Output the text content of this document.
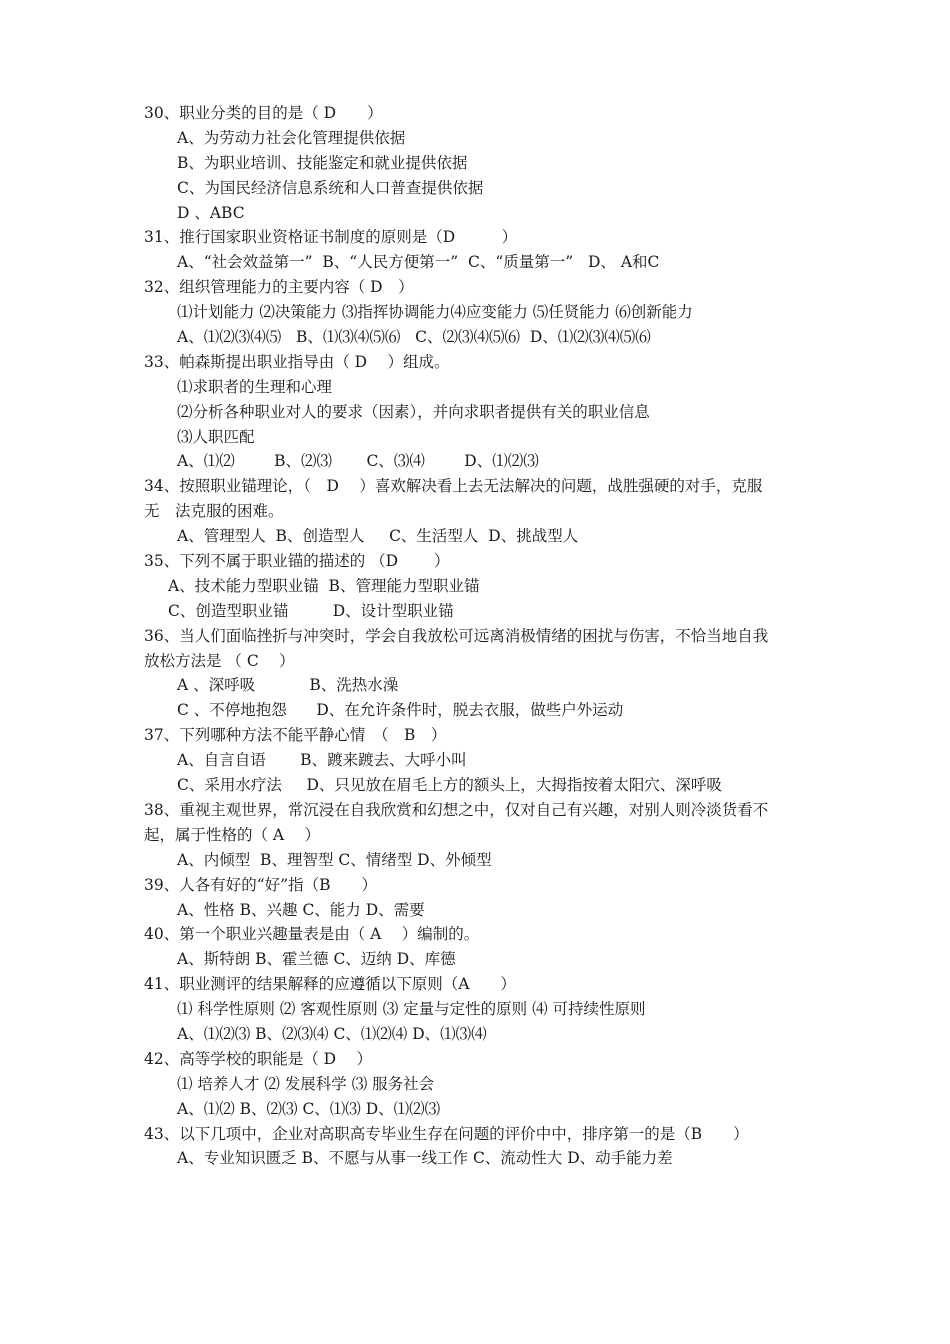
30、职业分类的目的是（ D　　）
A、为劳动力社会化管理提供依据
B、为职业培训、技能鉴定和就业提供依据
C、为国民经济信息系统和人口普查提供依据
D 、ABC
31、推行国家职业资格证书制度的原则是（D　　　）
A、“社会效益第一”  B、“人民方便第一”  C、“质量第一”   D、 A和C
32、组织管理能力的主要内容（ D　）
⑴计划能力 ⑵决策能力 ⑶指挥协调能力⑷应变能力 ⑸任贤能力 ⑹创新能力
A、⑴⑵⑶⑷⑸   B、⑴⑶⑷⑸⑹   C、⑵⑶⑷⑸⑹  D、⑴⑵⑶⑷⑸⑹
33、帕森斯提出职业指导由（ D　 ）组成。
⑴求职者的生理和心理
⑵分析各种职业对人的要求（因素），并向求职者提供有关的职业信息
⑶人职匹配
A、⑴⑵        B、⑵⑶       C、⑶⑷        D、⑴⑵⑶
34、按照职业锚理论，（　D　 ）喜欢解决看上去无法解决的问题，战胜强硬的对手，克服
无　法克服的困难。
A、管理型人  B、创造型人     C、生活型人  D、挑战型人
35、下列不属于职业锚的描述的 （D　　 ）
A、技术能力型职业锚  B、管理能力型职业锚
C、创造型职业锚         D、设计型职业锚
36、当人们面临挫折与冲突时，学会自我放松可远离消极情绪的困扰与伤害，不恰当地自我
放松方法是 （ C　 ）
A 、深呼吸           B、洗热水澡
C 、不停地抱怨      D、在允许条件时，脱去衣服，做些户外运动
37、下列哪种方法不能平静心情　（　B　）
A、自言自语       B、踱来踱去、大呼小叫
C、采用水疗法     D、只见放在眉毛上方的额头上，大拇指按着太阳穴、深呼吸
38、重视主观世界，常沉浸在自我欣赏和幻想之中，仅对自己有兴趣，对别人则冷淡货看不
起，属于性格的（ A　 ）
A、内倾型  B、理智型 C、情绪型 D、外倾型
39、人各有好的“好”指（B　　）
A、性格 B、兴趣 C、能力 D、需要
40、第一个职业兴趣量表是由（ A　 ）编制的。
A、斯特朗 B、霍兰德 C、迈纳 D、库德
41、职业测评的结果解释的应遵循以下原则（A　　）
⑴ 科学性原则 ⑵ 客观性原则 ⑶ 定量与定性的原则 ⑷ 可持续性原则
A、⑴⑵⑶ B、⑵⑶⑷ C、⑴⑵⑷ D、⑴⑶⑷
42、高等学校的职能是（ D　 ）
⑴ 培养人才 ⑵ 发展科学 ⑶ 服务社会
A、⑴⑵ B、⑵⑶ C、⑴⑶ D、⑴⑵⑶
43、以下几项中，企业对高职高专毕业生存在问题的评价中中，排序第一的是（B　　）
A、专业知识匮乏 B、不愿与从事一线工作 C、流动性大 D、动手能力差
